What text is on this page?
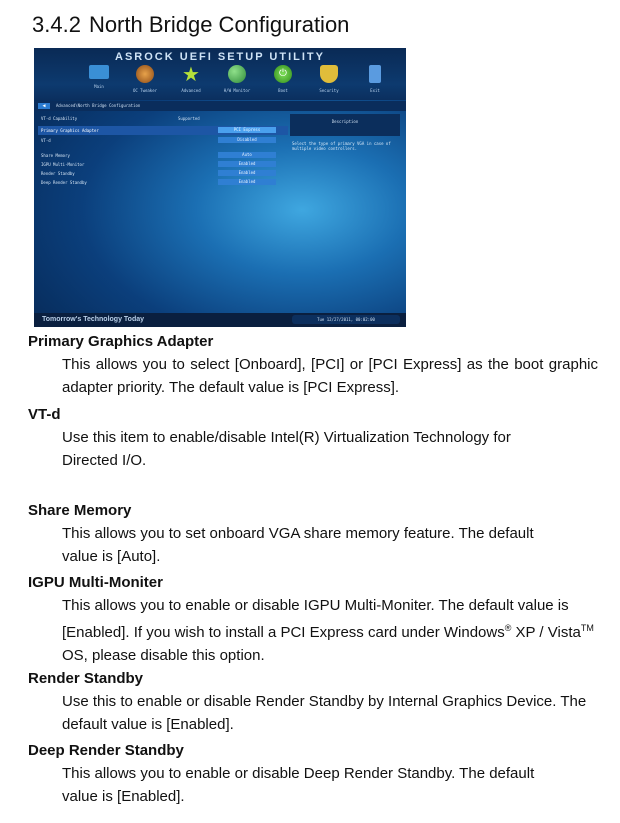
3.4.2 North Bridge Configuration
ASROCK UEFI SETUP UTILITY
Main
OC Tweaker
★
Advanced	H/W Monitor
⏻
Boot	Security	Exit
◀	Advanced\North Bridge Configuration
VT-d Capability	Supported
Primary Graphics Adapter	PCI Express
VT-d	Disabled
Share Memory	Auto
IGPU Multi-Monitor	Enabled
Render Standby	Enabled
Deep Render Standby	Enabled
Description
Select the type of primary VGA in case of multiple video controllers.
Tomorrow's Technology Today	Tue 12/27/2011, 00:02:00
Primary Graphics Adapter

This allows you to select [Onboard], [PCI] or [PCI Express] as the boot graphic adapter priority. The default value is [PCI Express].

VT-d

Use this item to enable/disable Intel(R) Virtualization Technology for Directed I/O.

Share Memory

This allows you to set onboard VGA share memory feature. The default value is [Auto].

IGPU Multi-Moniter

This allows you to enable or disable IGPU Multi-Moniter. The default value is [Enabled]. If you wish to install a PCI Express card under Windows® XP / Vista™ OS, please disable this option.

Render Standby

Use this to enable or disable Render Standby by Internal Graphics Device. The default value is [Enabled].

Deep Render Standby

This allows you to enable or disable Deep Render Standby. The default value is [Enabled].
